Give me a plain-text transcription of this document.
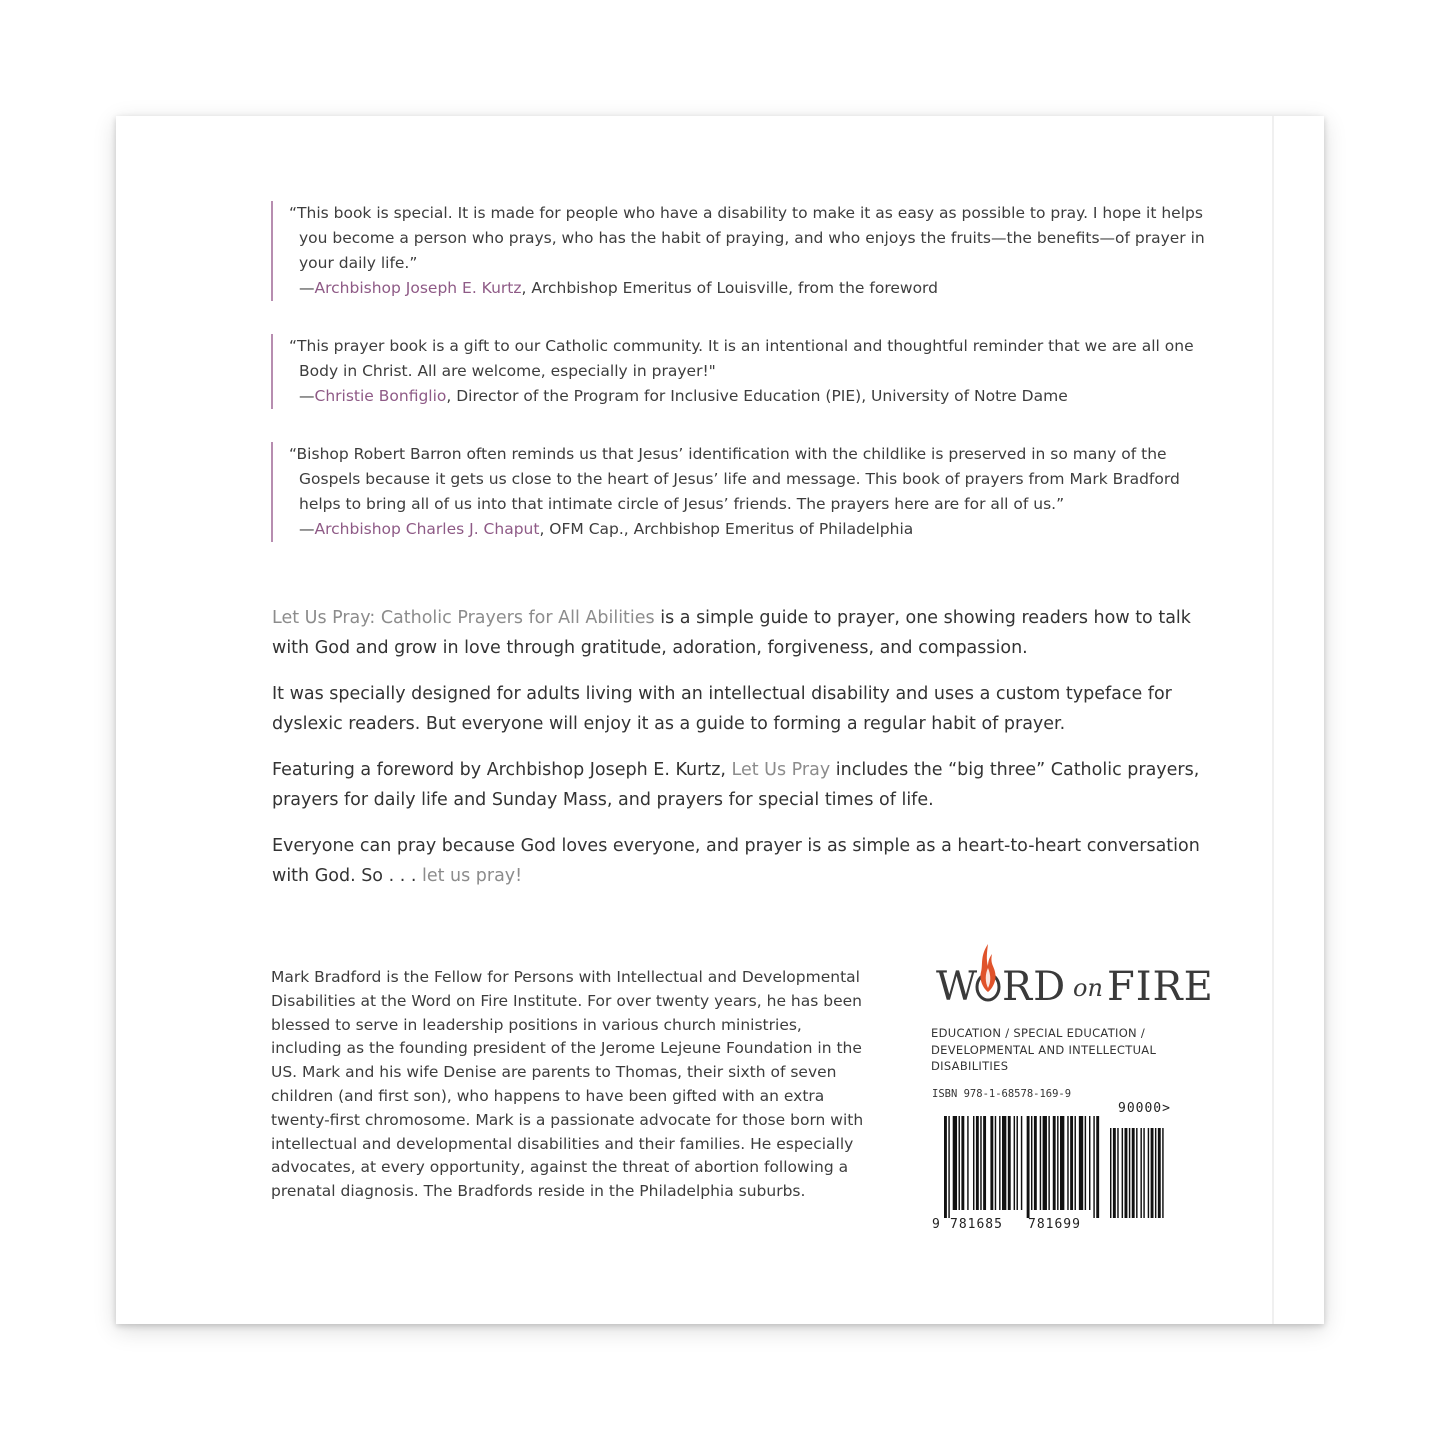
“This book is special. It is made for people who have a disability to make it as easy as possible to pray. I hope it helps you become a person who prays, who has the habit of praying, and who enjoys the fruits—the benefits—of prayer in your daily life.”
—Archbishop Joseph E. Kurtz, Archbishop Emeritus of Louisville, from the foreword
“This prayer book is a gift to our Catholic community. It is an intentional and thoughtful reminder that we are all one Body in Christ. All are welcome, especially in prayer!"
—Christie Bonfiglio, Director of the Program for Inclusive Education (PIE), University of Notre Dame
“Bishop Robert Barron often reminds us that Jesus’ identification with the childlike is preserved in so many of the Gospels because it gets us close to the heart of Jesus’ life and message. This book of prayers from Mark Bradford helps to bring all of us into that intimate circle of Jesus’ friends. The prayers here are for all of us.”
—Archbishop Charles J. Chaput, OFM Cap., Archbishop Emeritus of Philadelphia

Let Us Pray: Catholic Prayers for All Abilities is a simple guide to prayer, one showing readers how to talk with God and grow in love through gratitude, adoration, forgiveness, and compassion.

It was specially designed for adults living with an intellectual disability and uses a custom typeface for dyslexic readers. But everyone will enjoy it as a guide to forming a regular habit of prayer.

Featuring a foreword by Archbishop Joseph E. Kurtz, Let Us Pray includes the “big three” Catholic prayers, prayers for daily life and Sunday Mass, and prayers for special times of life.

Everyone can pray because God loves everyone, and prayer is as simple as a heart-to-heart conversation with God. So . . . let us pray!

Mark Bradford is the Fellow for Persons with Intellectual and Developmental Disabilities at the Word on Fire Institute. For over twenty years, he has been blessed to serve in leadership positions in various church ministries, including as the founding president of the Jerome Lejeune Foundation in the US. Mark and his wife Denise are parents to Thomas, their sixth of seven children (and first son), who happens to have been gifted with an extra twenty-first chromosome. Mark is a passionate advocate for those born with intellectual and developmental disabilities and their families. He especially advocates, at every opportunity, against the threat of abortion following a prenatal diagnosis. The Bradfords reside in the Philadelphia suburbs.
W RD on FIRE
EDUCATION / SPECIAL EDUCATION / DEVELOPMENTAL AND INTELLECTUAL DISABILITIES
ISBN 978-1-68578-169-9
9 781685 781699
90000>
